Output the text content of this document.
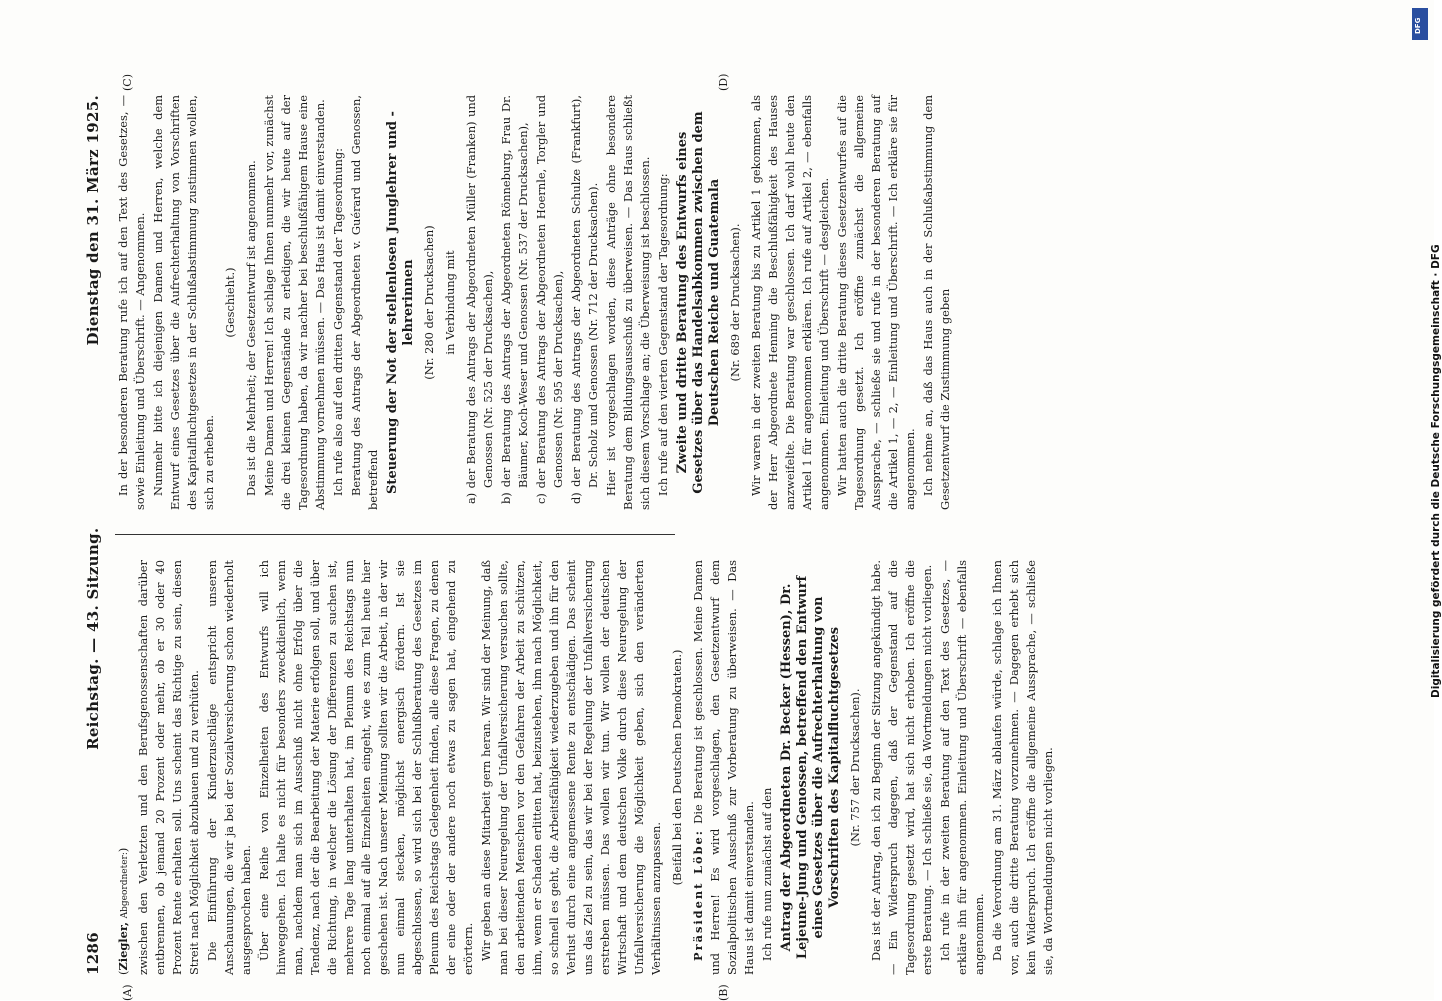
1286
Reichstag. — 43. Sitzung.
Dienstag den 31. März 1925.
(A)	(B)
(C)	(D)

(Ziegler, Abgeordneter:) zwischen den Verletzten und den Berufsgenossenschaften darüber entbrennen, ob jemand 20 Prozent oder mehr, ob er 30 oder 40 Prozent Rente erhalten soll. Uns scheint das Richtige zu sein, diesen Streit nach Möglichkeit abzubauen und zu verhüten. Die Einführung der Kinderzuschläge entspricht unseren Anschauungen, die wir ja bei der Sozialversicherung schon wiederholt ausgesprochen haben. Über eine Reihe von Einzelheiten des Entwurfs will ich hinweggehen. Ich halte es nicht für besonders zweckdienlich, wenn man, nachdem man sich im Ausschuß nicht ohne Erfolg über die Tendenz, nach der die Bearbeitung der Materie erfolgen soll, und über die Richtung, in welcher die Lösung der Differenzen zu suchen ist, mehrere Tage lang unterhalten hat, im Plenum des Reichstags nun noch einmal auf alle Einzelheiten eingeht, wie es zum Teil heute hier geschehen ist. Nach unserer Meinung sollten wir die Arbeit, in der wir nun einmal stecken, möglichst energisch fördern. Ist sie abgeschlossen, so wird sich bei der Schlußberatung des Gesetzes im Plenum des Reichstags Gelegenheit finden, alle diese Fragen, zu denen der eine oder der andere noch etwas zu sagen hat, eingehend zu erörtern. Wir geben an diese Mitarbeit gern heran. Wir sind der Meinung, daß man bei dieser Neuregelung der Unfallversicherung versuchen sollte, den arbeitenden Menschen vor den Gefahren der Arbeit zu schützen, ihm, wenn er Schaden erlitten hat, beizustehen, ihm nach Möglichkeit, so schnell es geht, die Arbeitsfähigkeit wiederzugeben und ihn für den Verlust durch eine angemessene Rente zu entschädigen. Das scheint uns das Ziel zu sein, das wir bei der Regelung der Unfallversicherung erstreben müssen. Das wollen wir tun. Wir wollen der deutschen Wirtschaft und dem deutschen Volke durch diese Neuregelung der Unfallversicherung die Möglichkeit geben, sich den veränderten Verhältnissen anzupassen.

(Beifall bei den Deutschen Demokraten.)

Präsident Löbe: Die Beratung ist geschlossen. Meine Damen und Herren! Es wird vorgeschlagen, den Gesetzentwurf dem Sozialpolitischen Ausschuß zur Vorberatung zu überweisen. — Das Haus ist damit einverstanden. Ich rufe nun zunächst auf den Antrag der Abgeordneten Dr. Becker (Hessen), Dr. Lejeune-Jung und Genossen, betreffend den Entwurf eines Gesetzes über die Aufrechterhaltung von Vorschriften des Kapitalfluchtgesetzes (Nr. 757 der Drucksachen). Das ist der Antrag, den ich zu Beginn der Sitzung angekündigt habe. — Ein Widerspruch dagegen, daß der Gegenstand auf die Tagesordnung gesetzt wird, hat sich nicht erhoben. Ich eröffne die erste Beratung. — Ich schließe sie, da Wortmeldungen nicht vorliegen. Ich rufe in der zweiten Beratung auf den Text des Gesetzes, — erkläre ihn für angenommen. Einleitung und Überschrift — ebenfalls angenommen. Da die Verordnung am 31. März ablaufen würde, schlage ich Ihnen vor, auch die dritte Beratung vorzunehmen. — Dagegen erhebt sich kein Widerspruch. Ich eröffne die allgemeine Aussprache, — schließe sie, da Wortmeldungen nicht vorliegen.

In der besonderen Beratung rufe ich auf den Text des Gesetzes, — sowie Einleitung und Überschrift. — Angenommen. Nunmehr bitte ich diejenigen Damen und Herren, welche dem Entwurf eines Gesetzes über die Aufrechterhaltung von Vorschriften des Kapitalfluchtgesetzes in der Schlußabstimmung zustimmen wollen, sich zu erheben.

(Geschieht.) Das ist die Mehrheit; der Gesetzentwurf ist angenommen. Meine Damen und Herren! Ich schlage Ihnen nunmehr vor, zunächst die drei kleinen Gegenstände zu erledigen, die wir heute auf der Tagesordnung haben, da wir nachher bei beschlußfähigem Hause eine Abstimmung vornehmen müssen. — Das Haus ist damit einverstanden. Ich rufe also auf den dritten Gegenstand der Tagesordnung: Beratung des Antrags der Abgeordneten v. Guérard und Genossen, betreffend Steuerung der Not der stellenlosen Junglehrer und -lehrerinnen (Nr. 280 der Drucksachen) in Verbindung mit a) der Beratung des Antrags der Abgeordneten Müller (Franken) und Genossen (Nr. 525 der Drucksachen), b) der Beratung des Antrags der Abgeordneten Rönneburg, Frau Dr. Bäumer, Koch-Weser und Genossen (Nr. 537 der Drucksachen), c) der Beratung des Antrags der Abgeordneten Hoernle, Torgler und Genossen (Nr. 595 der Drucksachen), d) der Beratung des Antrags der Abgeordneten Schulze (Frankfurt), Dr. Scholz und Genossen (Nr. 712 der Drucksachen). Hier ist vorgeschlagen worden, diese Anträge ohne besondere Beratung dem Bildungsausschuß zu überweisen. — Das Haus schließt sich diesem Vorschlage an; die Überweisung ist beschlossen. Ich rufe auf den vierten Gegenstand der Tagesordnung: Zweite und dritte Beratung des Entwurfs eines Gesetzes über das Handelsabkommen zwischen dem Deutschen Reiche und Guatemala (Nr. 689 der Drucksachen). Wir waren in der zweiten Beratung bis zu Artikel 1 gekommen, als der Herr Abgeordnete Henning die Beschlußfähigkeit des Hauses anzweifelte. Die Beratung war geschlossen. Ich darf wohl heute den Artikel 1 für angenommen erklären. Ich rufe auf Artikel 2, — ebenfalls angenommen. Einleitung und Überschrift — desgleichen. Wir hatten auch die dritte Beratung dieses Gesetzentwurfes auf die Tagesordnung gesetzt. Ich eröffne zunächst die allgemeine Aussprache, — schließe sie und rufe in der besonderen Beratung auf die Artikel 1, — 2, — Einleitung und Überschrift. — Ich erkläre sie für angenommen. Ich nehme an, daß das Haus auch in der Schlußabstimmung dem Gesetzentwurf die Zustimmung geben

DFG
Digitalisierung gefördert durch die Deutsche Forschungsgemeinschaft · DFG
